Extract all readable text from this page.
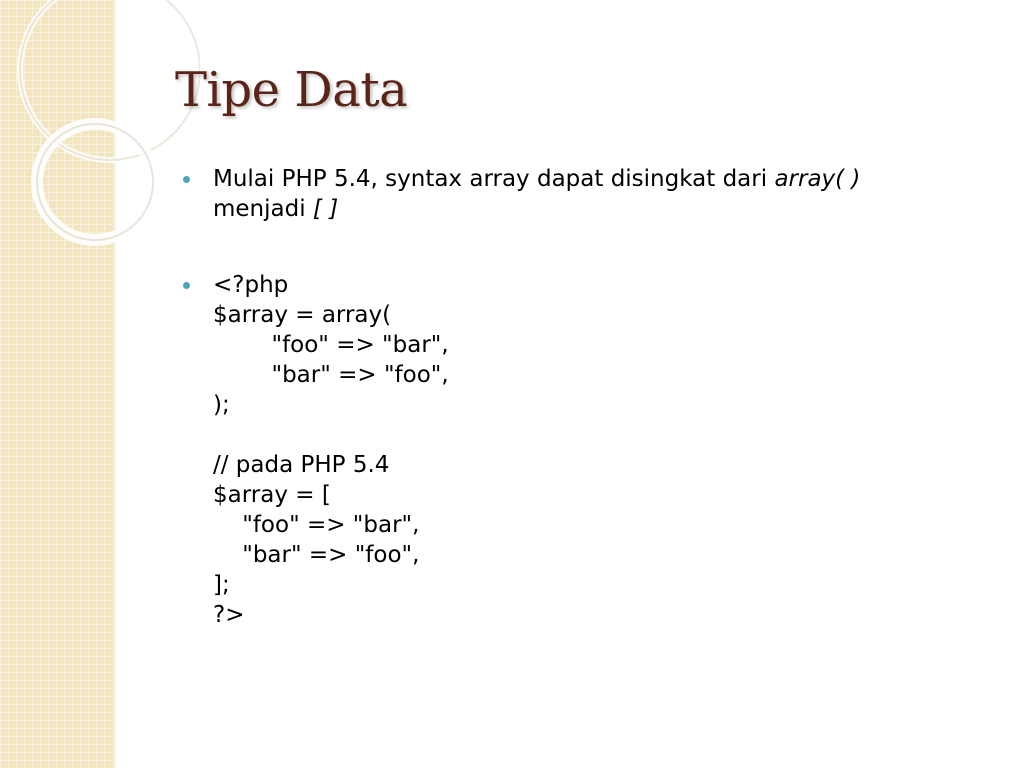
Tipe Data
Mulai PHP 5.4, syntax array dapat disingkat dari array( )
menjadi [ ]
<?php
$array = array(
"foo" => "bar",
"bar" => "foo",
);
// pada PHP 5.4
$array = [
"foo" => "bar",
"bar" => "foo",
];
?>
